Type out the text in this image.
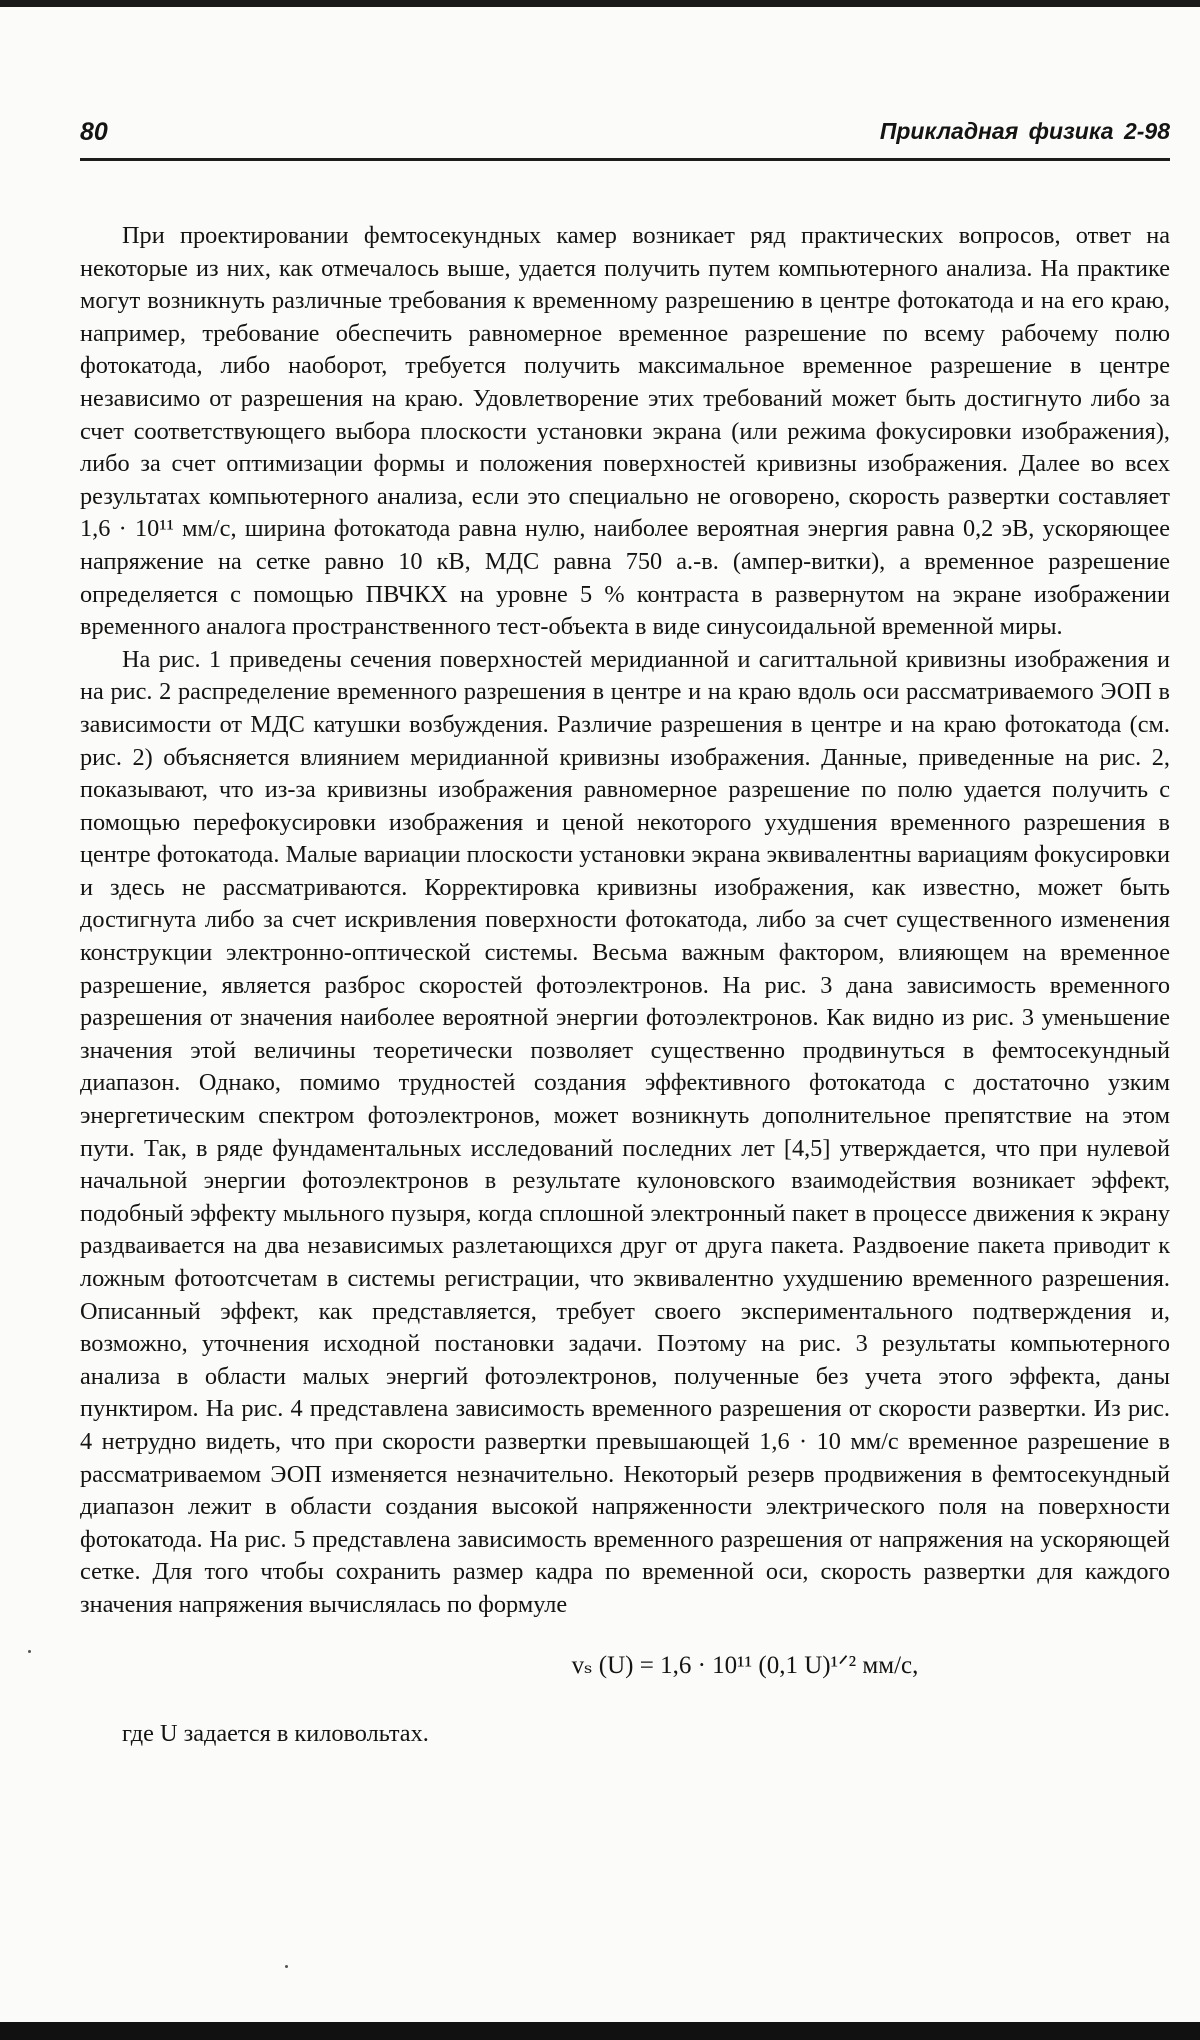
80	Прикладная физика 2-98

При проектировании фемтосекундных камер возникает ряд практических вопросов, ответ на некоторые из них, как отмечалось выше, удается получить путем компьютерного анализа. На практике могут возникнуть различные требования к временному разрешению в центре фотокатода и на его краю, например, требование обеспечить равномерное временное разрешение по всему рабочему полю фотокатода, либо наоборот, требуется получить максимальное временное разрешение в центре независимо от разрешения на краю. Удовлетворение этих требований может быть достигнуто либо за счет соответствующего выбора плоскости установки экрана (или режима фокусировки изображения), либо за счет оптимизации формы и положения поверхностей кривизны изображения. Далее во всех результатах компьютерного анализа, если это специально не оговорено, скорость развертки составляет 1,6 · 10¹¹ мм/с, ширина фотокатода равна нулю, наиболее вероятная энергия равна 0,2 эВ, ускоряющее напряжение на сетке равно 10 кВ, МДС равна 750 а.-в. (ампер-витки), а временное разрешение определяется с помощью ПВЧКХ на уровне 5 % контраста в развернутом на экране изображении временного аналога пространственного тест-объекта в виде синусоидальной временной миры.

На рис. 1 приведены сечения поверхностей меридианной и сагиттальной кривизны изображения и на рис. 2 распределение временного разрешения в центре и на краю вдоль оси рассматриваемого ЭОП в зависимости от МДС катушки возбуждения. Различие разрешения в центре и на краю фотокатода (см. рис. 2) объясняется влиянием меридианной кривизны изображения. Данные, приведенные на рис. 2, показывают, что из-за кривизны изображения равномерное разрешение по полю удается получить с помощью перефокусировки изображения и ценой некоторого ухудшения временного разрешения в центре фотокатода. Малые вариации плоскости установки экрана эквивалентны вариациям фокусировки и здесь не рассматриваются. Корректировка кривизны изображения, как известно, может быть достигнута либо за счет искривления поверхности фотокатода, либо за счет существенного изменения конструкции электронно-оптической системы. Весьма важным фактором, влияющем на временное разрешение, является разброс скоростей фотоэлектронов. На рис. 3 дана зависимость временного разрешения от значения наиболее вероятной энергии фотоэлектронов. Как видно из рис. 3 уменьшение значения этой величины теоретически позволяет существенно продвинуться в фемтосекундный диапазон. Однако, помимо трудностей создания эффективного фотокатода с достаточно узким энергетическим спектром фотоэлектронов, может возникнуть дополнительное препятствие на этом пути. Так, в ряде фундаментальных исследований последних лет [4,5] утверждается, что при нулевой начальной энергии фотоэлектронов в результате кулоновского взаимодействия возникает эффект, подобный эффекту мыльного пузыря, когда сплошной электронный пакет в процессе движения к экрану раздваивается на два независимых разлетающихся друг от друга пакета. Раздвоение пакета приводит к ложным фотоотсчетам в системы регистрации, что эквивалентно ухудшению временного разрешения. Описанный эффект, как представляется, требует своего экспериментального подтверждения и, возможно, уточнения исходной постановки задачи. Поэтому на рис. 3 результаты компьютерного анализа в области малых энергий фотоэлектронов, полученные без учета этого эффекта, даны пунктиром. На рис. 4 представлена зависимость временного разрешения от скорости развертки. Из рис. 4 нетрудно видеть, что при скорости развертки превышающей 1,6 · 10 мм/с временное разрешение в рассматриваемом ЭОП изменяется незначительно. Некоторый резерв продвижения в фемтосекундный диапазон лежит в области создания высокой напряженности электрического поля на поверхности фотокатода. На рис. 5 представлена зависимость временного разрешения от напряжения на ускоряющей сетке. Для того чтобы сохранить размер кадра по временной оси, скорость развертки для каждого значения напряжения вычислялась по формуле

vₛ (U) = 1,6 · 10¹¹ (0,1 U)¹ᐟ² мм/с,

где U задается в киловольтах.
